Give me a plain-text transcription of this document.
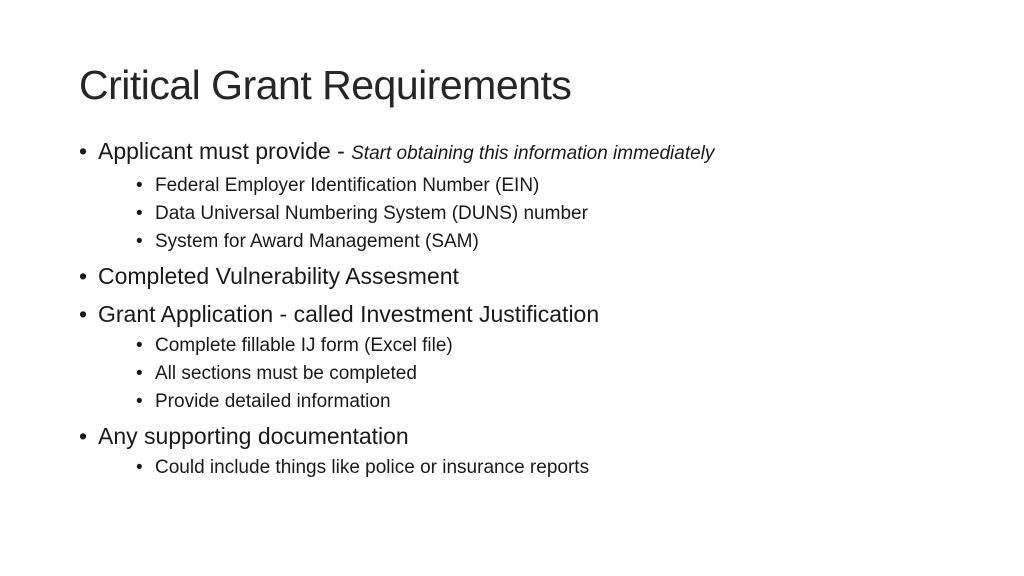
Critical Grant Requirements
• Applicant must provide - Start obtaining this information immediately
• Federal Employer Identification Number (EIN)
• Data Universal Numbering System (DUNS) number
• System for Award Management (SAM)
• Completed Vulnerability Assesment
• Grant Application - called Investment Justification
• Complete fillable IJ form (Excel file)
• All sections must be completed
• Provide detailed information
• Any supporting documentation
• Could include things like police or insurance reports
